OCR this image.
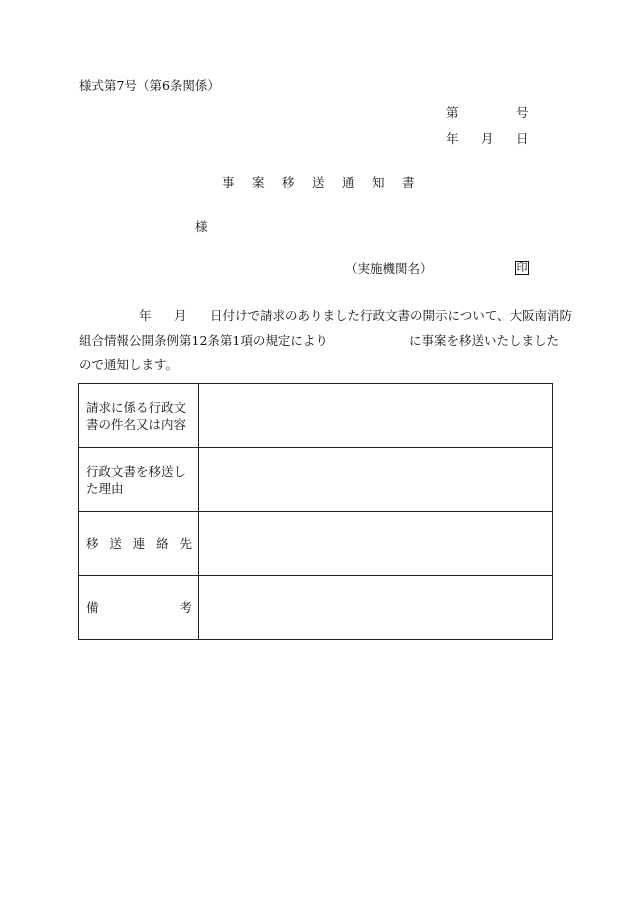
様式第7号（第6条関係）
第	号
年 月 日
事案移送通知書
様
（実施機関名）	印
年 月 日付けで請求のありました行政文書の開示について、大阪南消防
組合情報公開条例第12条第1項の規定により	に事案を移送いたしました
ので通知します。
請求に係る行政文書の件名又は内容	
行政文書を移送した理由	
移送連絡先	
備　考	
